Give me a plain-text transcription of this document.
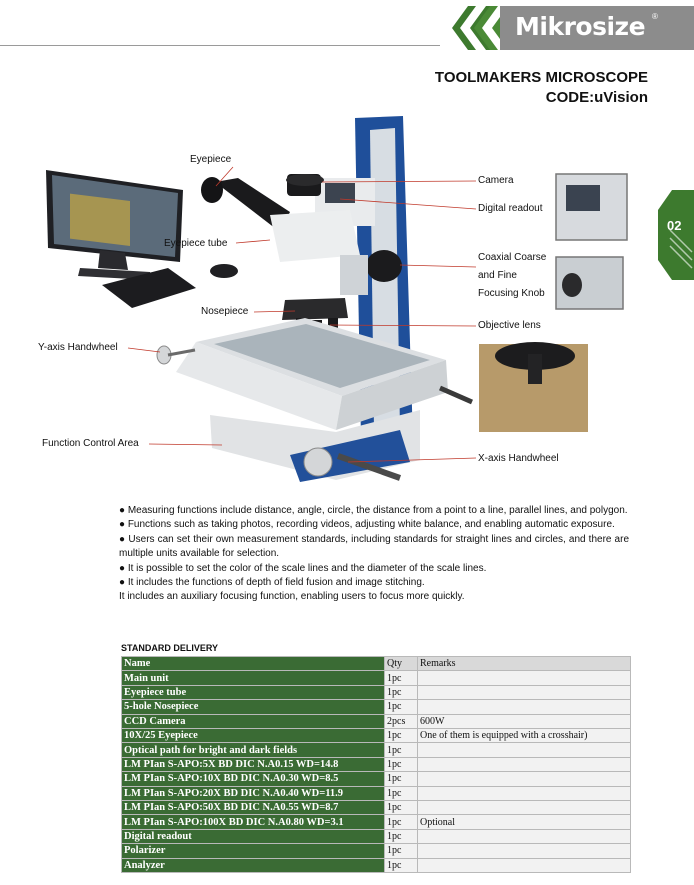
Mikrosize ®
TOOLMAKERS MICROSCOPE
CODE:uVision
02
Eyepiece
Eyepiece tube
Nosepiece
Y-axis Handwheel
Function Control Area
Camera
Digital readout
Coaxial Coarse
and Fine
Focusing Knob
Objective lens
X-axis Handwheel

● Measuring functions include distance, angle, circle, the distance from a point to a line, parallel lines, and polygon.

● Functions such as taking photos, recording videos, adjusting white balance, and enabling automatic exposure.

● Users can set their own measurement standards, including standards for straight lines and circles, and there are multiple units available for selection.

● It is possible to set the color of the scale lines and the diameter of the scale lines.

● It includes the functions of depth of field fusion and image stitching.

It includes an auxiliary focusing function, enabling users to focus more quickly.

STANDARD DELIVERY
Name	Qty	Remarks
Main unit	1pc	
Eyepiece tube	1pc	
5-hole Nosepiece	1pc	
CCD Camera	2pcs	600W
10X/25 Eyepiece	1pc	One of them is equipped with a crosshair)
Optical path for bright and dark fields	1pc	
LM PIan S-APO:5X BD DIC N.A0.15 WD=14.8	1pc	
LM PIan S-APO:10X BD DIC N.A0.30 WD=8.5	1pc	
LM PIan S-APO:20X BD DIC N.A0.40 WD=11.9	1pc	
LM PIan S-APO:50X BD DIC N.A0.55 WD=8.7	1pc	
LM PIan S-APO:100X BD DIC N.A0.80 WD=3.1	1pc	Optional
Digital readout	1pc	
Polarizer	1pc	
Analyzer	1pc	
